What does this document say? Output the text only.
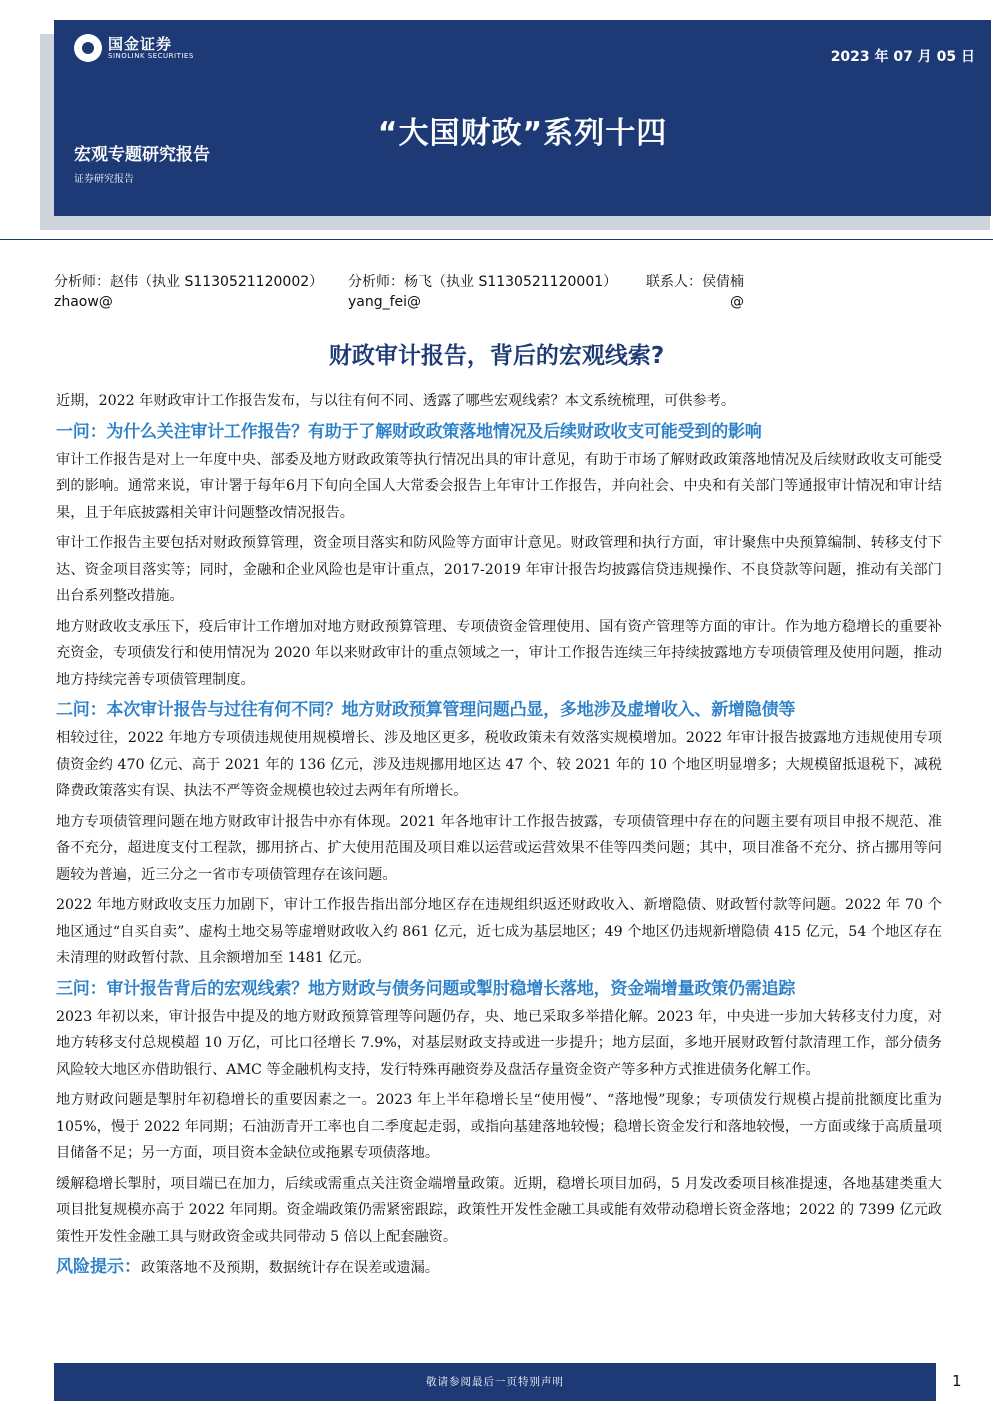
国金证券
SINOLINK SECURITIES	2023 年 07 月 05 日
“大国财政”系列十四
宏观专题研究报告
证券研究报告
分析师：赵伟（执业 S1130521120002）
zhaow@
分析师：杨飞（执业 S1130521120001）
yang_fei@
联系人：侯倩楠
@
财政审计报告，背后的宏观线索?

近期，2022 年财政审计工作报告发布，与以往有何不同、透露了哪些宏观线索？本文系统梳理，可供参考。

一问：为什么关注审计工作报告？有助于了解财政政策落地情况及后续财政收支可能受到的影响

审计工作报告是对上一年度中央、部委及地方财政政策等执行情况出具的审计意见，有助于市场了解财政政策落地情况及后续财政收支可能受到的影响。通常来说，审计署于每年6月下旬向全国人大常委会报告上年审计工作报告，并向社会、中央和有关部门等通报审计情况和审计结果，且于年底披露相关审计问题整改情况报告。

审计工作报告主要包括对财政预算管理，资金项目落实和防风险等方面审计意见。财政管理和执行方面，审计聚焦中央预算编制、转移支付下达、资金项目落实等；同时，金融和企业风险也是审计重点，2017-2019 年审计报告均披露信贷违规操作、不良贷款等问题，推动有关部门出台系列整改措施。

地方财政收支承压下，疫后审计工作增加对地方财政预算管理、专项债资金管理使用、国有资产管理等方面的审计。作为地方稳增长的重要补充资金，专项债发行和使用情况为 2020 年以来财政审计的重点领域之一，审计工作报告连续三年持续披露地方专项债管理及使用问题，推动地方持续完善专项债管理制度。

二问：本次审计报告与过往有何不同？地方财政预算管理问题凸显，多地涉及虚增收入、新增隐债等

相较过往，2022 年地方专项债违规使用规模增长、涉及地区更多，税收政策未有效落实规模增加。2022 年审计报告披露地方违规使用专项债资金约 470 亿元、高于 2021 年的 136 亿元，涉及违规挪用地区达 47 个、较 2021 年的 10 个地区明显增多；大规模留抵退税下，减税降费政策落实有误、执法不严等资金规模也较过去两年有所增长。

地方专项债管理问题在地方财政审计报告中亦有体现。2021 年各地审计工作报告披露，专项债管理中存在的问题主要有项目申报不规范、准备不充分，超进度支付工程款，挪用挤占、扩大使用范围及项目难以运营或运营效果不佳等四类问题；其中，项目准备不充分、挤占挪用等问题较为普遍，近三分之一省市专项债管理存在该问题。

2022 年地方财政收支压力加剧下，审计工作报告指出部分地区存在违规组织返还财政收入、新增隐债、财政暂付款等问题。2022 年 70 个地区通过“自买自卖”、虚构土地交易等虚增财政收入约 861 亿元，近七成为基层地区；49 个地区仍违规新增隐债 415 亿元，54 个地区存在未清理的财政暂付款、且余额增加至 1481 亿元。

三问：审计报告背后的宏观线索？地方财政与债务问题或掣肘稳增长落地，资金端增量政策仍需追踪

2023 年初以来，审计报告中提及的地方财政预算管理等问题仍存，央、地已采取多举措化解。2023 年，中央进一步加大转移支付力度，对地方转移支付总规模超 10 万亿，可比口径增长 7.9%，对基层财政支持或进一步提升；地方层面，多地开展财政暂付款清理工作，部分债务风险较大地区亦借助银行、AMC 等金融机构支持，发行特殊再融资券及盘活存量资金资产等多种方式推进债务化解工作。

地方财政问题是掣肘年初稳增长的重要因素之一。2023 年上半年稳增长呈“使用慢”、“落地慢”现象；专项债发行规模占提前批额度比重为 105%，慢于 2022 年同期；石油沥青开工率也自二季度起走弱，或指向基建落地较慢；稳增长资金发行和落地较慢，一方面或缘于高质量项目储备不足；另一方面，项目资本金缺位或拖累专项债落地。

缓解稳增长掣肘，项目端已在加力，后续或需重点关注资金端增量政策。近期，稳增长项目加码，5 月发改委项目核准提速，各地基建类重大项目批复规模亦高于 2022 年同期。资金端政策仍需紧密跟踪，政策性开发性金融工具或能有效带动稳增长资金落地；2022 的 7399 亿元政策性开发性金融工具与财政资金或共同带动 5 倍以上配套融资。

风险提示：政策落地不及预期，数据统计存在误差或遗漏。

敬请参阅最后一页特别声明	1
